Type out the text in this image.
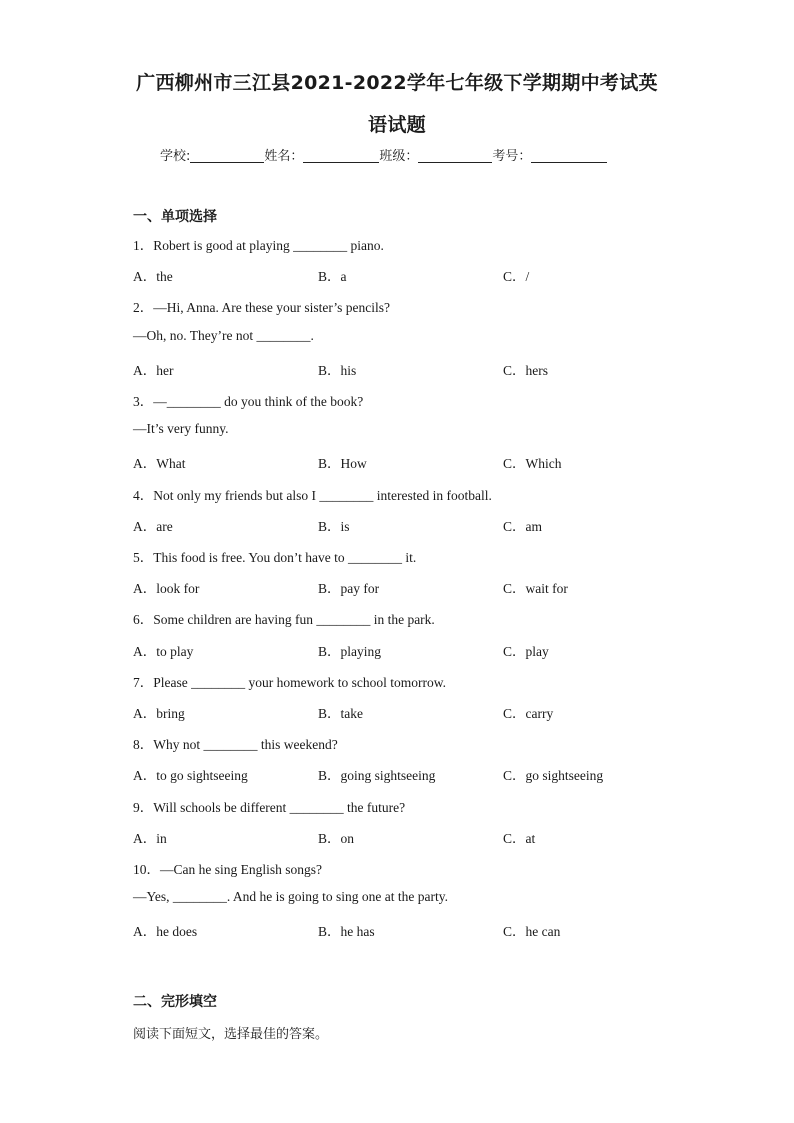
广西柳州市三江县2021-2022学年七年级下学期期中考试英
语试题
学校:	姓名：	班级：	考号：
一、单项选择
1．Robert is good at playing ________ piano.
A．the	B．a	C．/
2．—Hi, Anna. Are these your sister’s pencils?
—Oh, no. They’re not ________.
A．her	B．his	C．hers
3．—________ do you think of the book?
—It’s very funny.
A．What	B．How	C．Which
4．Not only my friends but also I ________ interested in football.
A．are	B．is	C．am
5．This food is free. You don’t have to ________ it.
A．look for	B．pay for	C．wait for
6．Some children are having fun ________ in the park.
A．to play	B．playing	C．play
7．Please ________ your homework to school tomorrow.
A．bring	B．take	C．carry
8．Why not ________ this weekend?
A．to go sightseeing	B．going sightseeing	C．go sightseeing
9．Will schools be different ________ the future?
A．in	B．on	C．at
10．—Can he sing English songs?
—Yes, ________. And he is going to sing one at the party.
A．he does	B．he has	C．he can
二、完形填空
阅读下面短文，选择最佳的答案。
